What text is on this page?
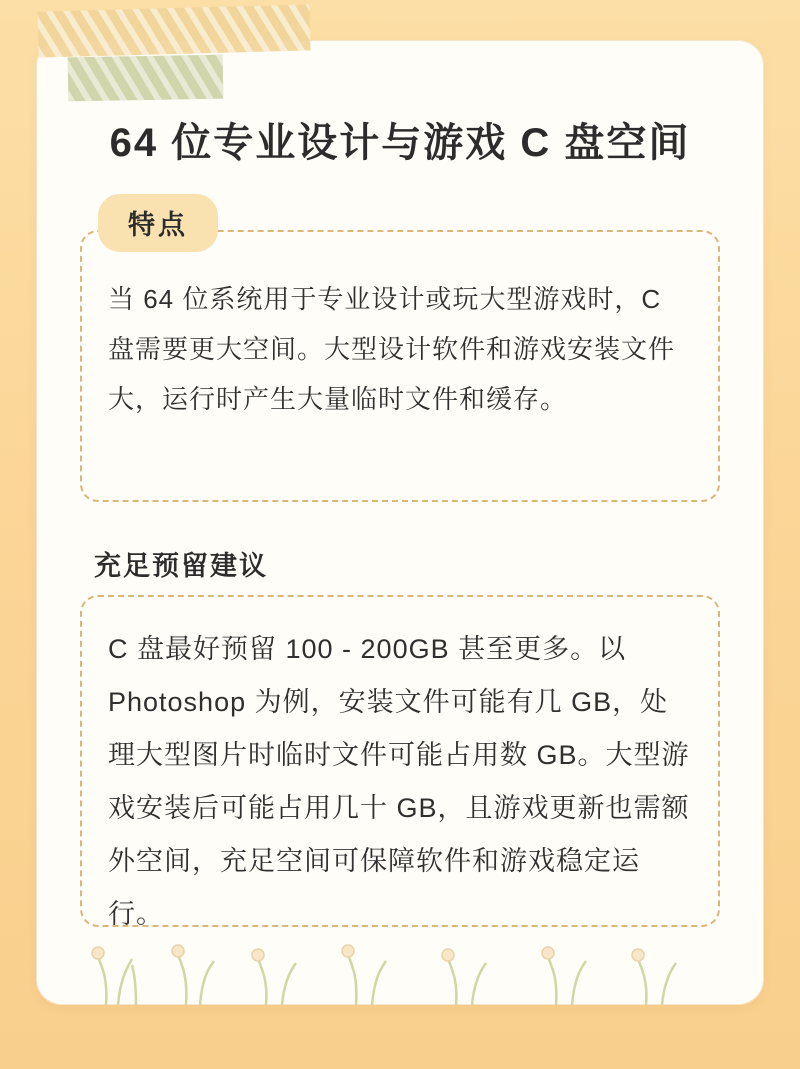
64 位专业设计与游戏 C 盘空间
特点

当 64 位系统用于专业设计或玩大型游戏时，C 盘需要更大空间。大型设计软件和游戏安装文件大，运行时产生大量临时文件和缓存。

充足预留建议

C 盘最好预留 100 - 200GB 甚至更多。以 Photoshop 为例，安装文件可能有几 GB，处理大型图片时临时文件可能占用数 GB。大型游戏安装后可能占用几十 GB，且游戏更新也需额外空间，充足空间可保障软件和游戏稳定运行。
